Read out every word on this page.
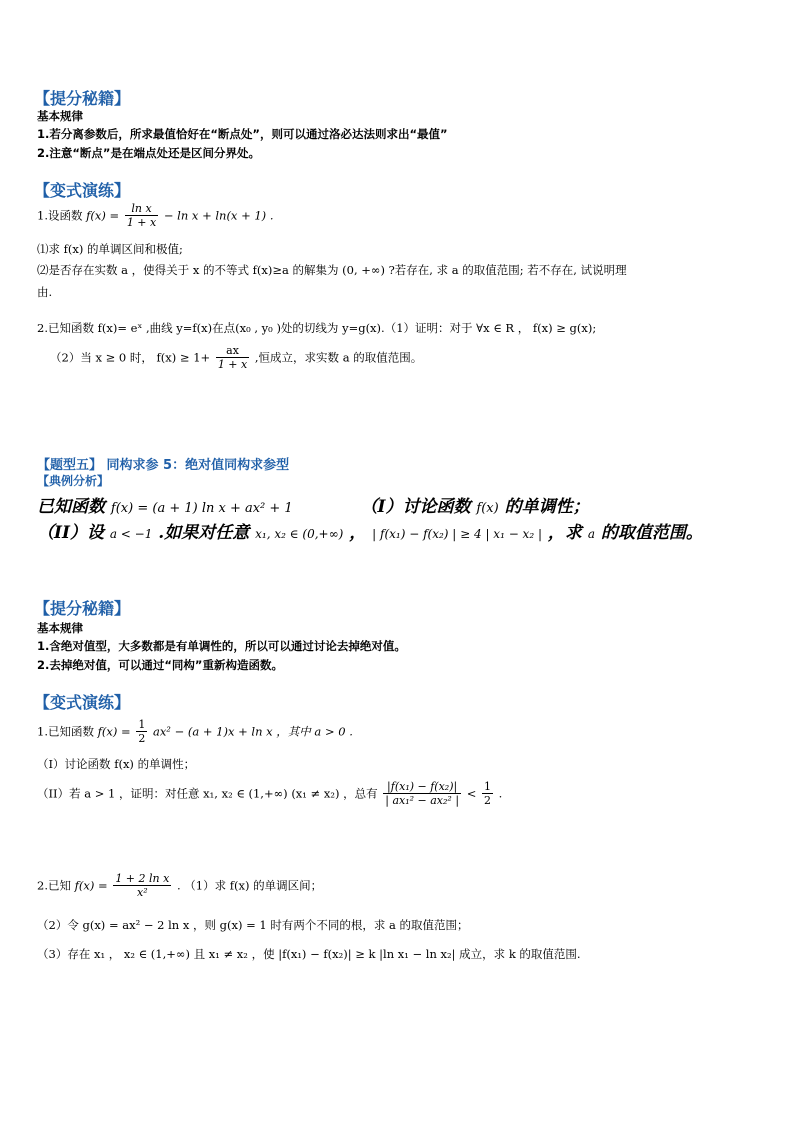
【提分秘籍】
基本规律
1.若分离参数后，所求最值恰好在“断点处”，则可以通过洛必达法则求出“最值”
2.注意“断点”是在端点处还是区间分界处。
【变式演练】
1.设函数 $f(x) = \frac{\text{ln x}}{1 + x} - \ln x + \ln(x + 1)$ .
⑴求 f(x) 的单调区间和极值;
⑵是否存在实数 a ，使得关于 x 的不等式 f(x)≥a 的解集为 (0, +∞) ?若存在, 求 a 的取值范围; 若不存在, 试说明理
由.
2.已知函数 f(x)= eˣ ,曲线 y=f(x)在点(x₀ , y₀ )处的切线为 y=g(x).（1）证明：对于 ∀x ∈ R ， f(x) ≥ g(x);
（2）当 x ≥ 0 时， $f(x) \ge 1+ \frac{ax}{1 + x}$ ,恒成立，求实数 a 的取值范围。
【题型五】 同构求参 5：绝对值同构求参型
【典例分析】
已知函数 f(x) = (a + 1) ln x + ax² + 1	（I）讨论函数 f(x) 的单调性；
（II）设 a < −1 .如果对任意 x₁, x₂ ∈ (0,+∞) ， | f(x₁) − f(x₂) | ≥ 4 | x₁ − x₂ | ，求 a 的取值范围。
【提分秘籍】
基本规律
1.含绝对值型，大多数都是有单调性的，所以可以通过讨论去掉绝对值。
2.去掉绝对值，可以通过“同构”重新构造函数。
【变式演练】
1.已知函数 $f(x) = \frac{1}{2} ax^2 - (a + 1)x + \ln x$ ，其中 a > 0 .
（I）讨论函数 f(x) 的单调性；
（II）若 a > 1 ，证明：对任意 x₁, x₂ ∈ (1,+∞) (x₁ ≠ x₂) ，总有 $\frac{\text{|f(x₁) − f(x₂)|}}{\text{| ax₁² − ax₂² |}} < \frac{1}{2}$ .
2.已知 $f(x) = \frac{\text{1 + 2 ln x}}{\text{x²}}$ . （1）求 f(x) 的单调区间；
（2）令 g(x) = ax² − 2 ln x ，则 g(x) = 1 时有两个不同的根，求 a 的取值范围；
（3）存在 x₁ ， x₂ ∈ (1,+∞) 且 x₁ ≠ x₂ ，使 |f(x₁) − f(x₂)| ≥ k |ln x₁ − ln x₂| 成立，求 k 的取值范围.
